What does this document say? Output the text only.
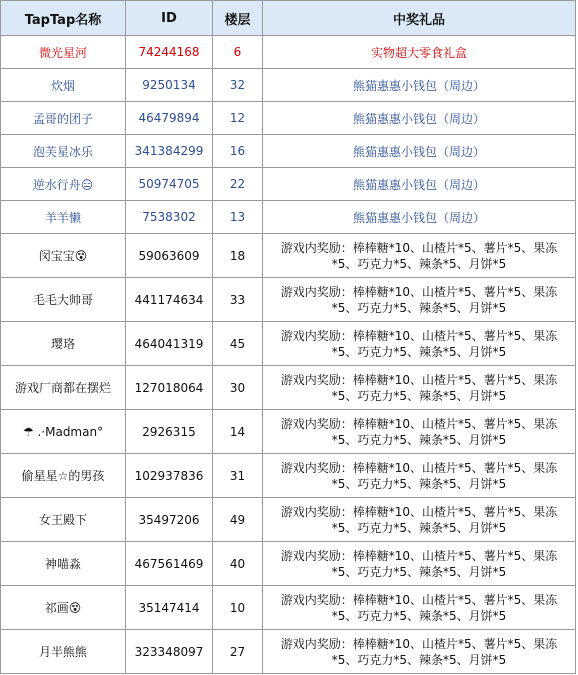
TapTap名称	ID	楼层	中奖礼品
微光星河	74244168	6	实物超大零食礼盒
炊烟	9250134	32	熊猫惠惠小钱包（周边）
孟哥的团子	46479894	12	熊猫惠惠小钱包（周边）
泡芙星冰乐	341384299	16	熊猫惠惠小钱包（周边）
逆水行舟😑	50974705	22	熊猫惠惠小钱包（周边）
羊羊懒	7538302	13	熊猫惠惠小钱包（周边）
闵宝宝😵	59063609	18	游戏内奖励：棒棒糖*10、山楂片*5、薯片*5、果冻*5、巧克力*5、辣条*5、月饼*5
毛毛大帅哥	441174634	33	游戏内奖励：棒棒糖*10、山楂片*5、薯片*5、果冻*5、巧克力*5、辣条*5、月饼*5
璎珞	464041319	45	游戏内奖励：棒棒糖*10、山楂片*5、薯片*5、果冻*5、巧克力*5、辣条*5、月饼*5
游戏厂商都在摆烂	127018064	30	游戏内奖励：棒棒糖*10、山楂片*5、薯片*5、果冻*5、巧克力*5、辣条*5、月饼*5
☂ .·Madman°	2926315	14	游戏内奖励：棒棒糖*10、山楂片*5、薯片*5、果冻*5、巧克力*5、辣条*5、月饼*5
偷星星☆的男孩	102937836	31	游戏内奖励：棒棒糖*10、山楂片*5、薯片*5、果冻*5、巧克力*5、辣条*5、月饼*5
女王殿下	35497206	49	游戏内奖励：棒棒糖*10、山楂片*5、薯片*5、果冻*5、巧克力*5、辣条*5、月饼*5
神喵淼	467561469	40	游戏内奖励：棒棒糖*10、山楂片*5、薯片*5、果冻*5、巧克力*5、辣条*5、月饼*5
祁画😵	35147414	10	游戏内奖励：棒棒糖*10、山楂片*5、薯片*5、果冻*5、巧克力*5、辣条*5、月饼*5
月半熊熊	323348097	27	游戏内奖励：棒棒糖*10、山楂片*5、薯片*5、果冻*5、巧克力*5、辣条*5、月饼*5
